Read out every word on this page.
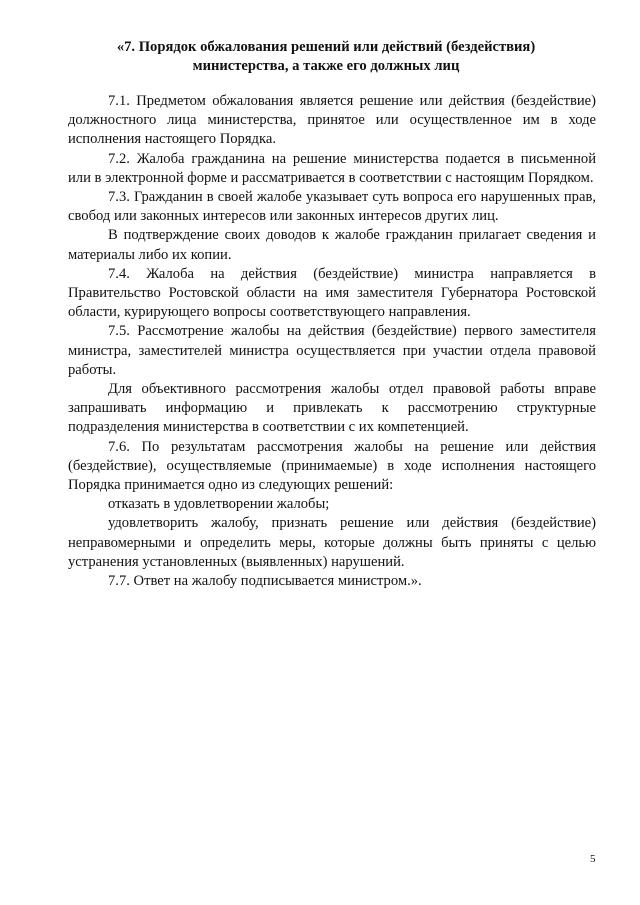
«7. Порядок обжалования решений или действий (бездействия)
министерства, а также его должных лиц

7.1. Предметом обжалования является решение или действия (бездействие) должностного лица министерства, принятое или осуществленное им в ходе исполнения настоящего Порядка.

7.2. Жалоба гражданина на решение министерства подается в письменной или в электронной форме и рассматривается в соответствии с настоящим Порядком.

7.3. Гражданин в своей жалобе указывает суть вопроса его нарушенных прав, свобод или законных интересов или законных интересов других лиц.

В подтверждение своих доводов к жалобе гражданин прилагает сведения и материалы либо их копии.

7.4. Жалоба на действия (бездействие) министра направляется в Правительство Ростовской области на имя заместителя Губернатора Ростовской области, курирующего вопросы соответствующего направления.

7.5. Рассмотрение жалобы на действия (бездействие) первого заместителя министра, заместителей министра осуществляется при участии отдела правовой работы.

Для объективного рассмотрения жалобы отдел правовой работы вправе запрашивать информацию и привлекать к рассмотрению структурные подразделения министерства в соответствии с их компетенцией.

7.6. По результатам рассмотрения жалобы на решение или действия (бездействие), осуществляемые (принимаемые) в ходе исполнения настоящего Порядка принимается одно из следующих решений:

отказать в удовлетворении жалобы;

удовлетворить жалобу, признать решение или действия (бездействие) неправомерными и определить меры, которые должны быть приняты с целью устранения установленных (выявленных) нарушений.

7.7. Ответ на жалобу подписывается министром.».

5
